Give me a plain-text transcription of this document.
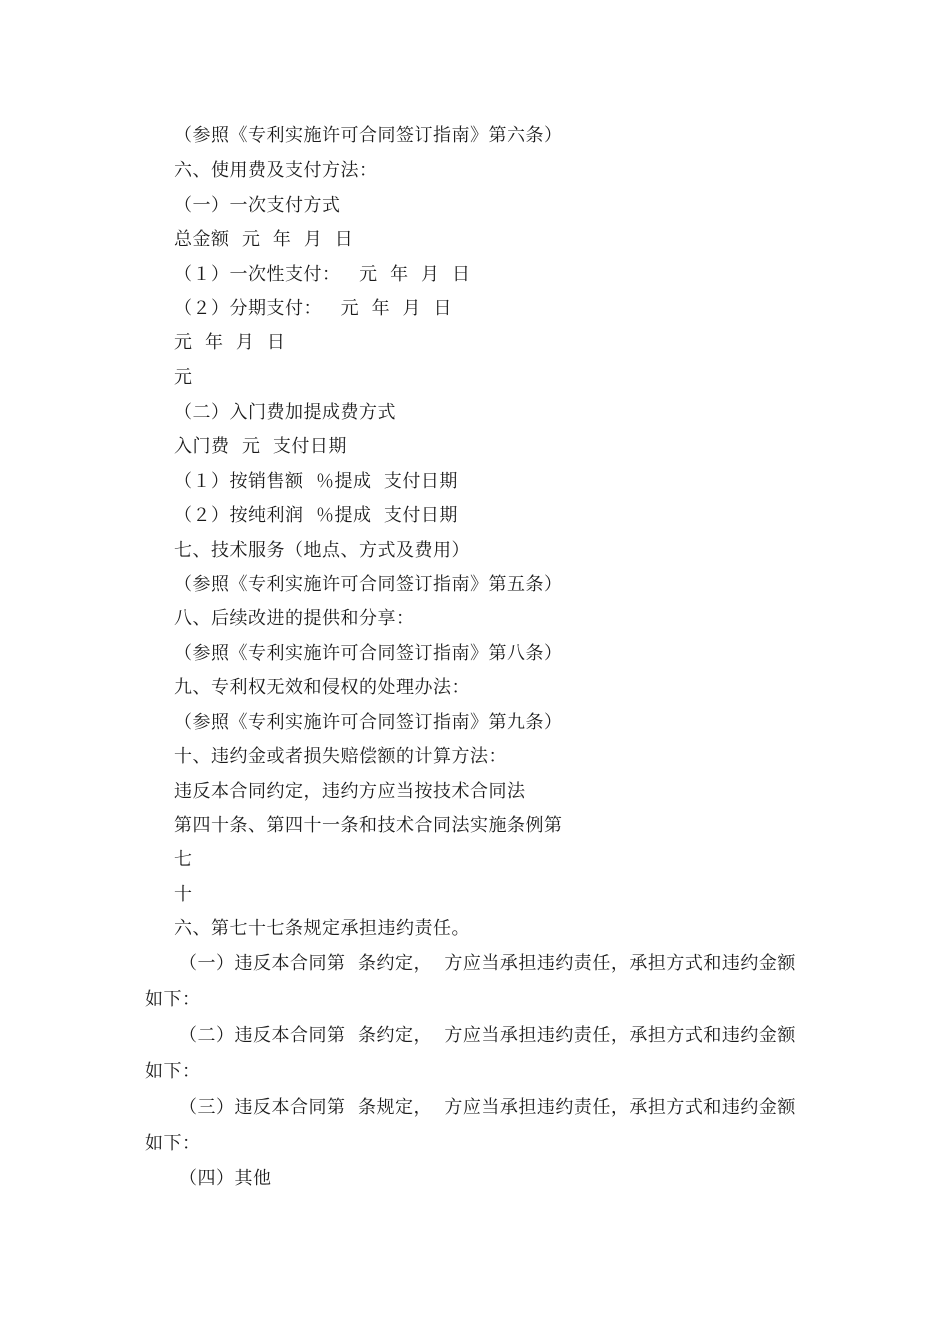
（参照《专利实施许可合同签订指南》第六条）
六、使用费及支付方法：
（一）一次支付方式
总金额  元  年  月  日
（１）一次性支付：   元  年  月  日
（２）分期支付：   元  年  月  日
元  年  月  日
元
（二）入门费加提成费方式
入门费  元  支付日期
（１）按销售额  ％提成  支付日期
（２）按纯利润  ％提成  支付日期
七、技术服务（地点、方式及费用）
（参照《专利实施许可合同签订指南》第五条）
八、后续改进的提供和分享：
（参照《专利实施许可合同签订指南》第八条）
九、专利权无效和侵权的处理办法：
（参照《专利实施许可合同签订指南》第九条）
十、违约金或者损失赔偿额的计算方法：
违反本合同约定，违约方应当按技术合同法
第四十条、第四十一条和技术合同法实施条例第
七
十
六、第七十七条规定承担违约责任。
（一）违反本合同第  条约定，  方应当承担违约责任，承担方式和违约金额
如下：
（二）违反本合同第  条约定，  方应当承担违约责任，承担方式和违约金额
如下：
（三）违反本合同第  条规定，  方应当承担违约责任，承担方式和违约金额
如下：
（四）其他
